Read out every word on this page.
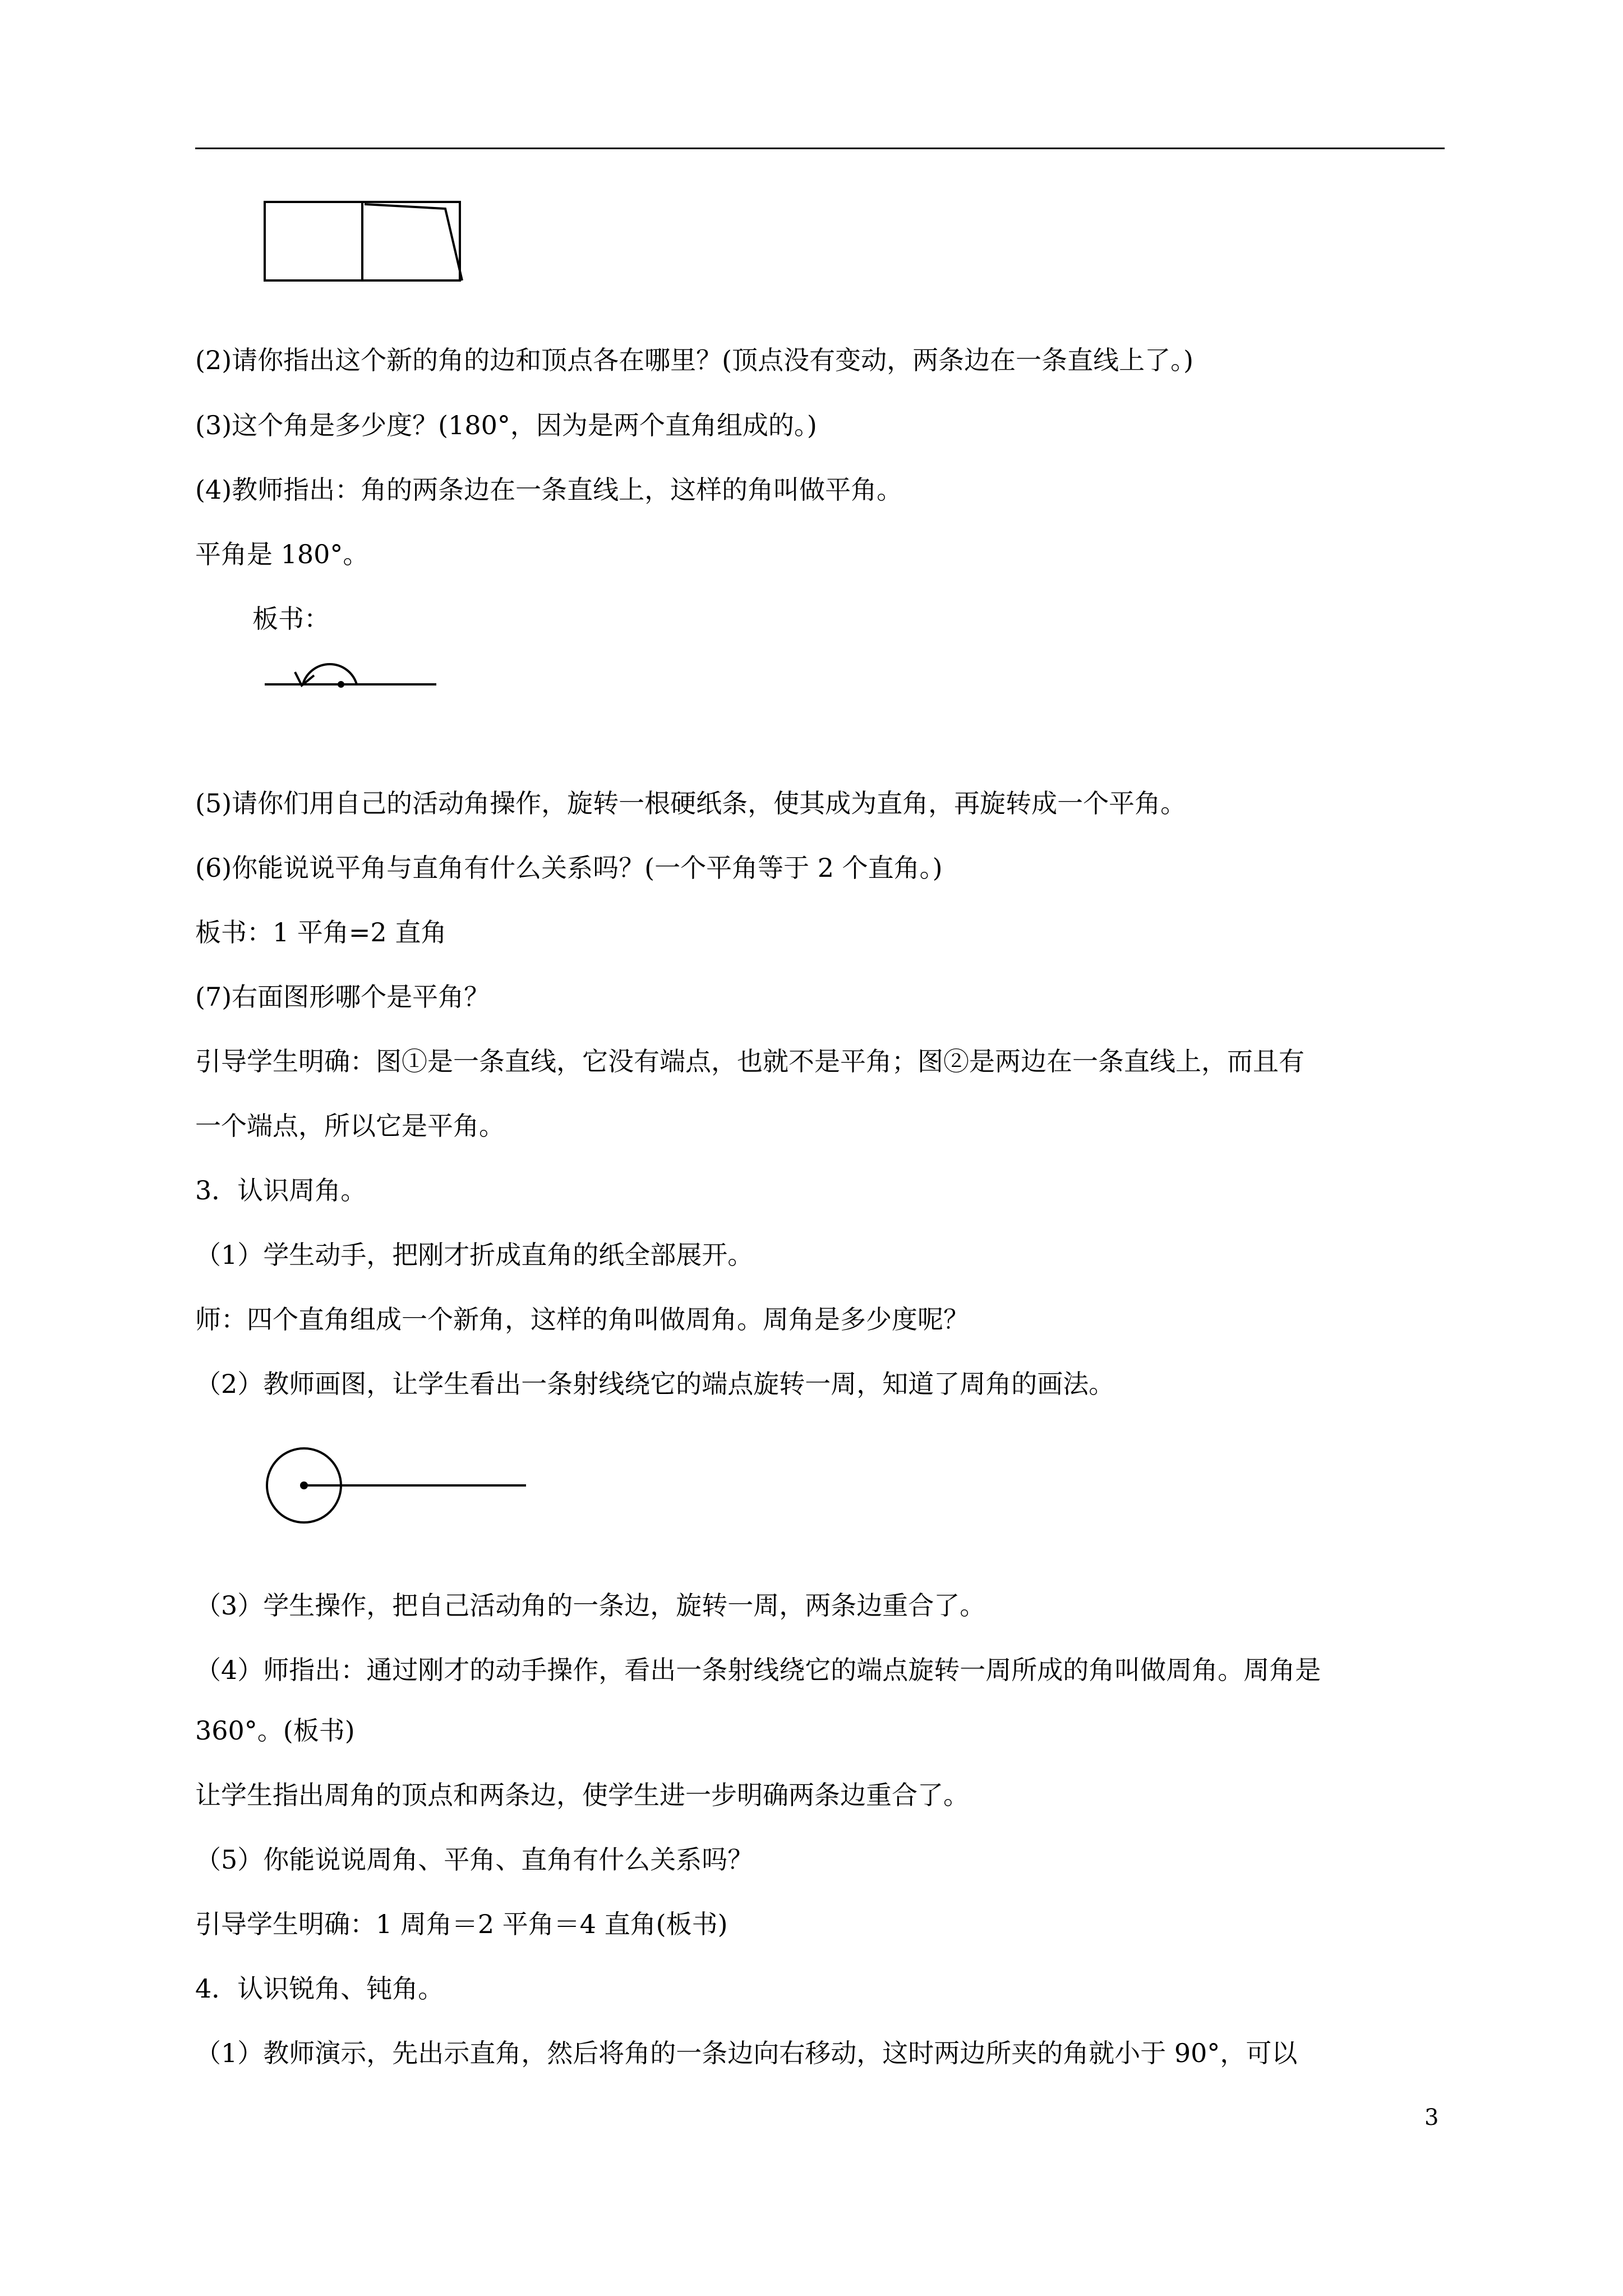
(2)请你指出这个新的角的边和顶点各在哪里？(顶点没有变动，两条边在一条直线上了。)
(3)这个角是多少度？(180°，因为是两个直角组成的。)
(4)教师指出：角的两条边在一条直线上，这样的角叫做平角。
平角是 180°。
板书：
(5)请你们用自己的活动角操作，旋转一根硬纸条，使其成为直角，再旋转成一个平角。
(6)你能说说平角与直角有什么关系吗？(一个平角等于 2 个直角。)
板书：1 平角=2 直角
(7)右面图形哪个是平角？
引导学生明确：图①是一条直线，它没有端点，也就不是平角；图②是两边在一条直线上，而且有
一个端点，所以它是平角。
3．认识周角。
（1）学生动手，把刚才折成直角的纸全部展开。
师：四个直角组成一个新角，这样的角叫做周角。周角是多少度呢？
（2）教师画图，让学生看出一条射线绕它的端点旋转一周，知道了周角的画法。
（3）学生操作，把自己活动角的一条边，旋转一周，两条边重合了。
（4）师指出：通过刚才的动手操作，看出一条射线绕它的端点旋转一周所成的角叫做周角。周角是
360°。(板书)
让学生指出周角的顶点和两条边，使学生进一步明确两条边重合了。
（5）你能说说周角、平角、直角有什么关系吗？
引导学生明确：1 周角＝2 平角＝4 直角(板书)
4．认识锐角、钝角。
（1）教师演示，先出示直角，然后将角的一条边向右移动，这时两边所夹的角就小于 90°，可以
3
